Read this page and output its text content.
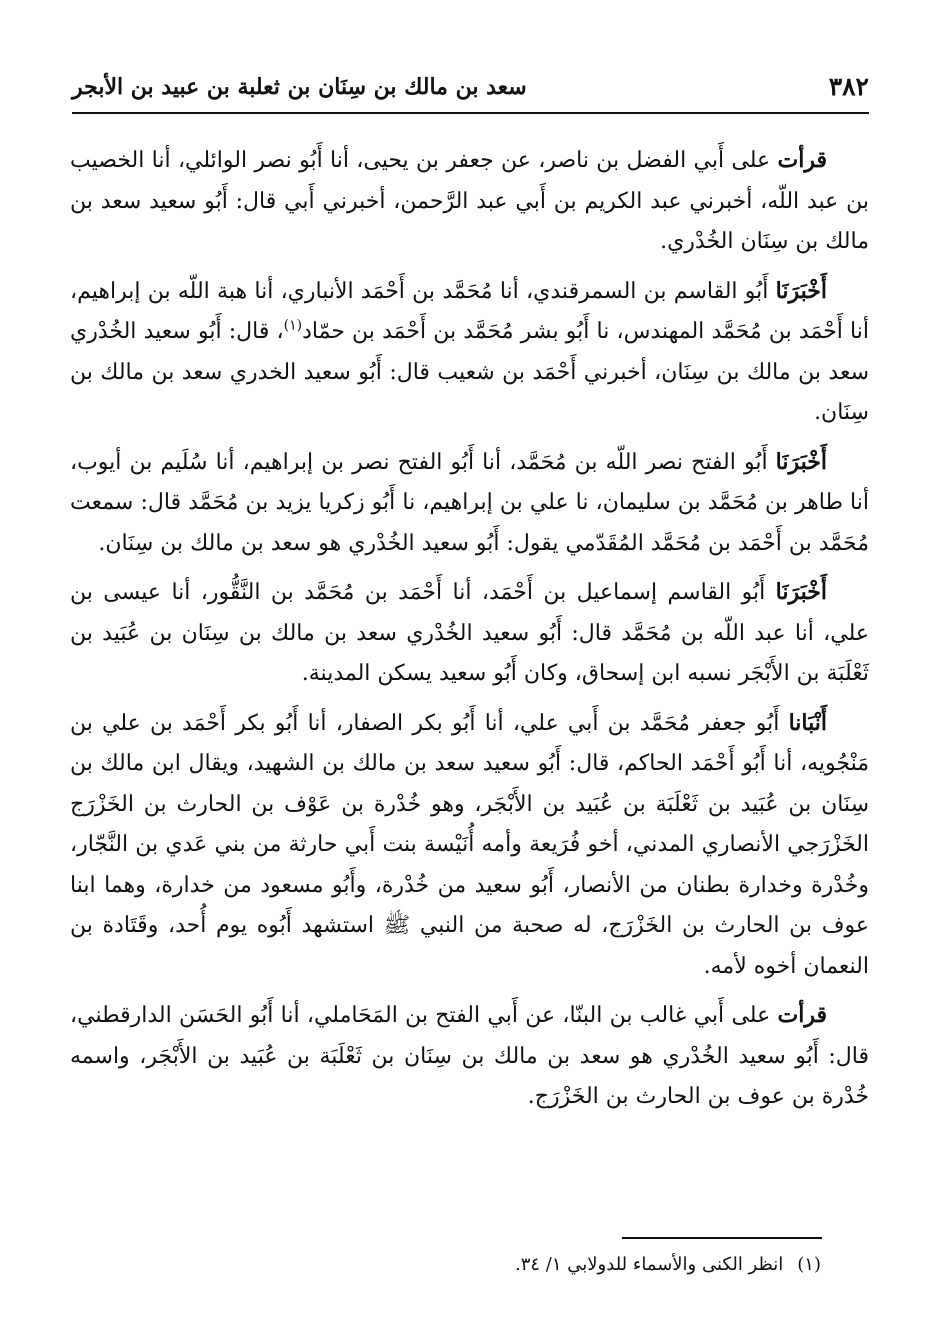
٣٨٢
سعد بن مالك بن سِنَان بن ثعلبة بن عبيد بن الأبجر

قرأت على أَبي الفضل بن ناصر، عن جعفر بن يحيى، أنا أَبُو نصر الوائلي، أنا الخصيب بن عبد اللّه، أخبرني عبد الكريم بن أَبي عبد الرَّحمن، أخبرني أَبي قال: أَبُو سعيد سعد بن مالك بن سِنَان الخُدْري.

أَخْبَرَنَا أَبُو القاسم بن السمرقندي، أنا مُحَمَّد بن أَحْمَد الأنباري، أنا هبة اللّه بن إبراهيم، أنا أَحْمَد بن مُحَمَّد المهندس، نا أَبُو بشر مُحَمَّد بن أَحْمَد بن حمّاد$^{(١)}$، قال: أَبُو سعيد الخُدْري سعد بن مالك بن سِنَان، أخبرني أَحْمَد بن شعيب قال: أَبُو سعيد الخدري سعد بن مالك بن سِنَان.

أَخْبَرَنَا أَبُو الفتح نصر اللّه بن مُحَمَّد، أنا أَبُو الفتح نصر بن إبراهيم، أنا سُلَيم بن أيوب، أنا طاهر بن مُحَمَّد بن سليمان، نا علي بن إبراهيم، نا أَبُو زكريا يزيد بن مُحَمَّد قال: سمعت مُحَمَّد بن أَحْمَد بن مُحَمَّد المُقَدّمي يقول: أَبُو سعيد الخُدْري هو سعد بن مالك بن سِنَان.

أَخْبَرَنَا أَبُو القاسم إسماعيل بن أَحْمَد، أنا أَحْمَد بن مُحَمَّد بن النَّقُّور، أنا عيسى بن علي، أنا عبد اللّه بن مُحَمَّد قال: أَبُو سعيد الخُدْري سعد بن مالك بن سِنَان بن عُبَيد بن ثَعْلَبَة بن الأَبْجَر نسبه ابن إسحاق، وكان أَبُو سعيد يسكن المدينة.

أَنْبَانا أَبُو جعفر مُحَمَّد بن أَبي علي، أنا أَبُو بكر الصفار، أنا أَبُو بكر أَحْمَد بن علي بن مَنْجُويه، أنا أَبُو أَحْمَد الحاكم، قال: أَبُو سعيد سعد بن مالك بن الشهيد، ويقال ابن مالك بن سِنَان بن عُبَيد بن ثَعْلَبَة بن عُبَيد بن الأَبْجَر، وهو خُدْرة بن عَوْف بن الحارث بن الخَزْرَج الخَزْرَجي الأنصاري المدني، أخو فُرَيعة وأمه أُنَيْسة بنت أَبي حارثة من بني عَدي بن النَّجّار، وخُدْرة وخدارة بطنان من الأنصار، أَبُو سعيد من خُدْرة، وأَبُو مسعود من خدارة، وهما ابنا عوف بن الحارث بن الخَزْرَج، له صحبة من النبي ﷺ استشهد أَبُوه يوم أُحد، وقَتَادة بن النعمان أخوه لأمه.

قرأت على أَبي غالب بن البنّا، عن أَبي الفتح بن المَحَاملي، أنا أَبُو الحَسَن الدارقطني، قال: أَبُو سعيد الخُدْري هو سعد بن مالك بن سِنَان بن ثَعْلَبَة بن عُبَيد بن الأَبْجَر، واسمه خُدْرة بن عوف بن الحارث بن الخَزْرَج.

(١)انظر الكنى والأسماء للدولابي ١/ ٣٤.
